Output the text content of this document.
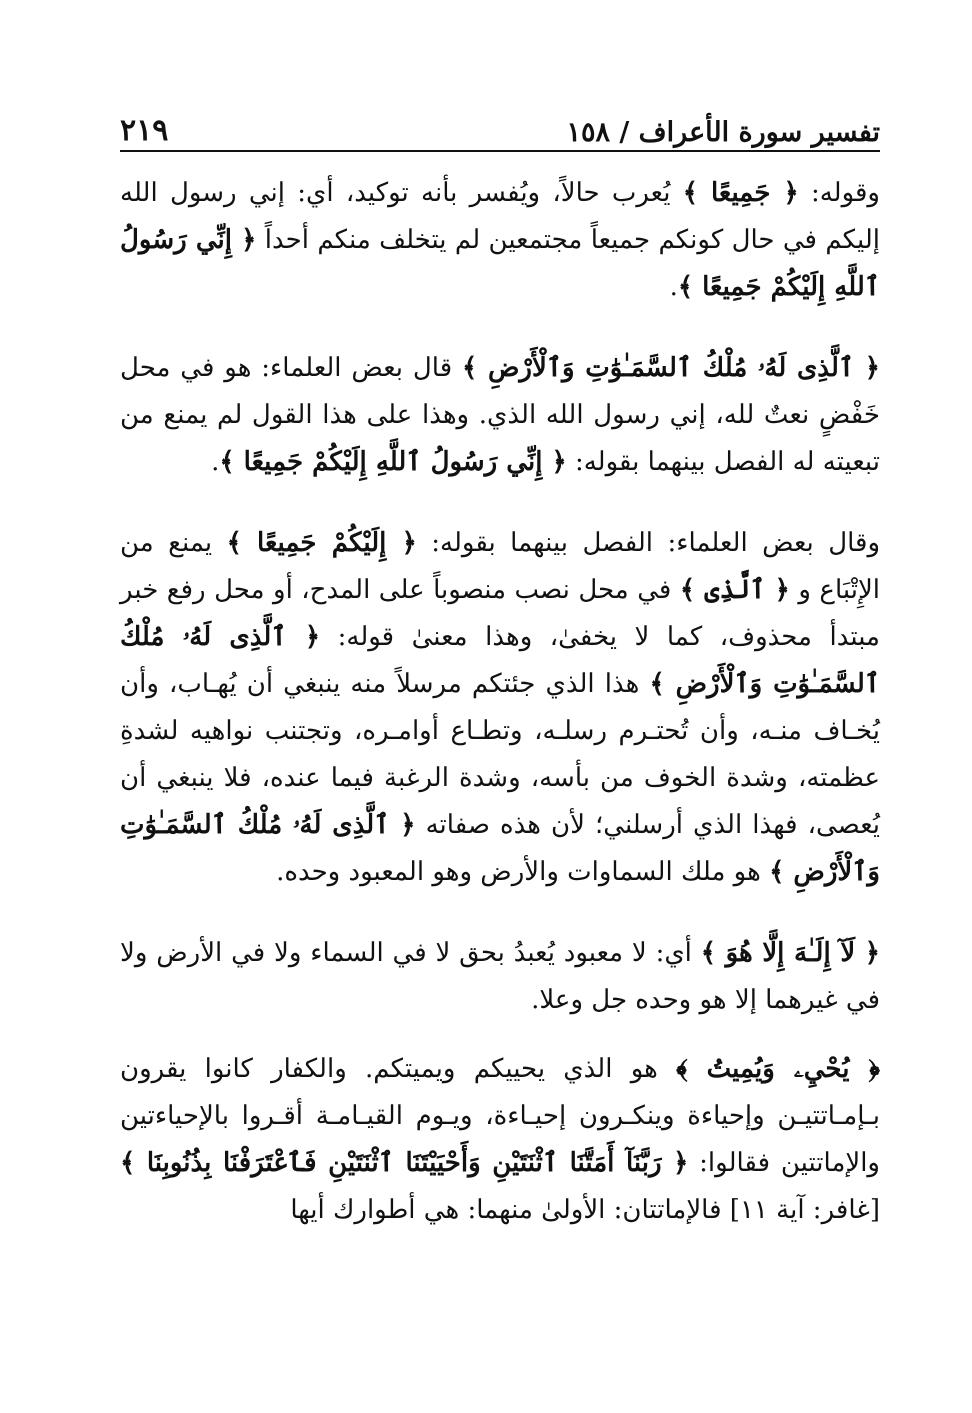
تفسير سورة الأعراف / ١٥٨
٢١٩

وقوله: ﴿ جَمِيعًا ﴾ يُعرب حالاً، ويُفسر بأنه توكيد، أي: إني رسول الله إليكم في حال كونكم جميعاً مجتمعين لم يتخلف منكم أحداً ﴿ إِنِّي رَسُولُ ٱللَّهِ إِلَيْكُمْ جَمِيعًا ﴾.

﴿ ٱلَّذِى لَهُۥ مُلْكُ ٱلسَّمَـٰوَٰتِ وَٱلْأَرْضِ ﴾ قال بعض العلماء: هو في محل خَفْضٍ نعتٌ لله، إني رسول الله الذي. وهذا على هذا القول لم يمنع من تبعيته له الفصل بينهما بقوله: ﴿ إِنِّي رَسُولُ ٱللَّهِ إِلَيْكُمْ جَمِيعًا ﴾.

وقال بعض العلماء: الفصل بينهما بقوله: ﴿ إِلَيْكُمْ جَمِيعًا ﴾ يمنع من الإِتْبَاع و ﴿ ٱلَّذِى ﴾ في محل نصب منصوباً على المدح، أو محل رفع خبر مبتدأ محذوف، كما لا يخفىٰ، وهذا معنىٰ قوله: ﴿ ٱلَّذِى لَهُۥ مُلْكُ ٱلسَّمَـٰوَٰتِ وَٱلْأَرْضِ ﴾ هذا الذي جئتكم مرسلاً منه ينبغي أن يُهـاب، وأن يُخـاف منـه، وأن تُحتـرم رسلـه، وتطـاع أوامـره، وتجتنب نواهيه لشدةِ عظمته، وشدة الخوف من بأسه، وشدة الرغبة فيما عنده، فلا ينبغي أن يُعصى، فهذا الذي أرسلني؛ لأن هذه صفاته ﴿ ٱلَّذِى لَهُۥ مُلْكُ ٱلسَّمَـٰوَٰتِ وَٱلْأَرْضِ ﴾ هو ملك السماوات والأرض وهو المعبود وحده.

﴿ لَآ إِلَـٰهَ إِلَّا هُوَ ﴾ أي: لا معبود يُعبدُ بحق لا في السماء ولا في الأرض ولا في غيرهما إلا هو وحده جل وعلا.

﴿ يُحْيِۦ وَيُمِيتُ ﴾ هو الذي يحييكم ويميتكم. والكفار كانوا يقرون بـإمـاتتيـن وإحياءة وينكـرون إحيـاءة، ويـوم القيـامـة أقـروا بالإحياءتين والإماتتين فقالوا: ﴿ رَبَّنَآ أَمَتَّنَا ٱثْنَتَيْنِ وَأَحْيَيْتَنَا ٱثْنَتَيْنِ فَٱعْتَرَفْنَا بِذُنُوبِنَا ﴾ [غافر: آية ١١] فالإماتتان: الأولىٰ منهما: هي أطوارك أيها
